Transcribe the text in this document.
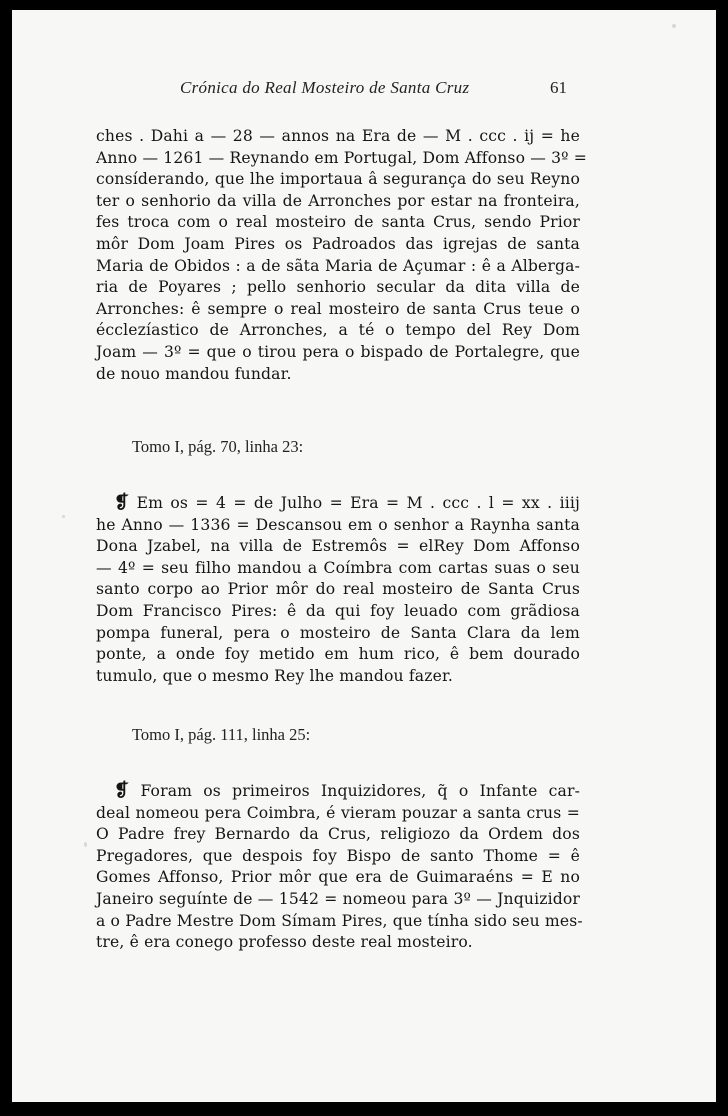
Crónica do Real Mosteiro de Santa Cruz	61
ches . Dahi a — 28 — annos na Era de — M . ccc . ij = he
Anno — 1261 — Reynando em Portugal, Dom Affonso — 3º =
consíderando, que lhe importaua â segurança do seu Reyno
ter o senhorio da villa de Arronches por estar na fronteira,
fes troca com o real mosteiro de santa Crus, sendo Prior
môr Dom Joam Pires os Padroados das igrejas de santa
Maria de Obidos : a de sãta Maria de Açumar : ê a Alberga-
ria de Poyares ; pello senhorio secular da dita villa de
Arronches: ê sempre o real mosteiro de santa Crus teue o
écclezíastico de Arronches, a té o tempo del Rey Dom
Joam — 3º = que o tirou pera o bispado de Portalegre, que
de nouo mandou fundar.

Tomo I, pág. 70, linha 23:

❡ Em os = 4 = de Julho = Era = M . ccc . l = xx . iiij
he Anno — 1336 = Descansou em o senhor a Raynha santa
Dona Jzabel, na villa de Estremôs = elRey Dom Affonso
— 4º = seu filho mandou a Coímbra com cartas suas o seu
santo corpo ao Prior môr do real mosteiro de Santa Crus
Dom Francisco Pires: ê da qui foy leuado com grãdiosa
pompa funeral, pera o mosteiro de Santa Clara da lem
ponte, a onde foy metido em hum rico, ê bem dourado
tumulo, que o mesmo Rey lhe mandou fazer.

Tomo I, pág. 111, linha 25:

❡ Foram os primeiros Inquizidores, q̃ o Infante car-
deal nomeou pera Coimbra, é vieram pouzar a santa crus =
O Padre frey Bernardo da Crus, religiozo da Ordem dos
Pregadores, que despois foy Bispo de santo Thome = ê
Gomes Affonso, Prior môr que era de Guimaraéns = E no
Janeiro seguínte de — 1542 = nomeou para 3º — Jnquizidor
a o Padre Mestre Dom Símam Pires, que tínha sido seu mes-
tre, ê era conego professo deste real mosteiro.
